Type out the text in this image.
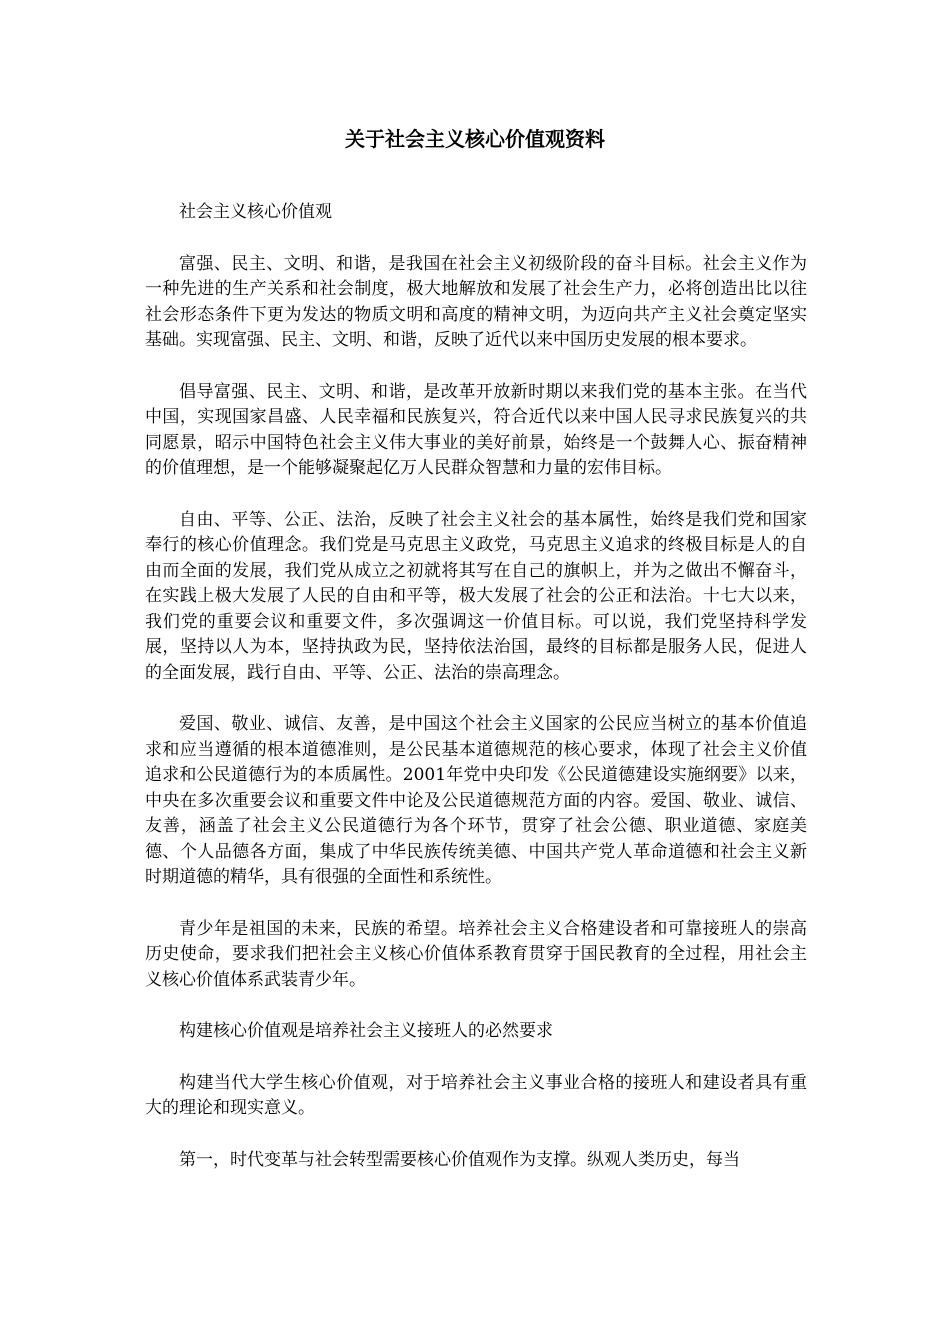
关于社会主义核心价值观资料

社会主义核心价值观

富强、民主、文明、和谐，是我国在社会主义初级阶段的奋斗目标。社会主义作为一种先进的生产关系和社会制度，极大地解放和发展了社会生产力，必将创造出比以往社会形态条件下更为发达的物质文明和高度的精神文明，为迈向共产主义社会奠定坚实基础。实现富强、民主、文明、和谐，反映了近代以来中国历史发展的根本要求。

倡导富强、民主、文明、和谐，是改革开放新时期以来我们党的基本主张。在当代中国，实现国家昌盛、人民幸福和民族复兴，符合近代以来中国人民寻求民族复兴的共同愿景，昭示中国特色社会主义伟大事业的美好前景，始终是一个鼓舞人心、振奋精神的价值理想，是一个能够凝聚起亿万人民群众智慧和力量的宏伟目标。

自由、平等、公正、法治，反映了社会主义社会的基本属性，始终是我们党和国家奉行的核心价值理念。我们党是马克思主义政党，马克思主义追求的终极目标是人的自由而全面的发展，我们党从成立之初就将其写在自己的旗帜上，并为之做出不懈奋斗，在实践上极大发展了人民的自由和平等，极大发展了社会的公正和法治。十七大以来，我们党的重要会议和重要文件，多次强调这一价值目标。可以说，我们党坚持科学发展，坚持以人为本，坚持执政为民，坚持依法治国，最终的目标都是服务人民，促进人的全面发展，践行自由、平等、公正、法治的崇高理念。

爱国、敬业、诚信、友善，是中国这个社会主义国家的公民应当树立的基本价值追求和应当遵循的根本道德准则，是公民基本道德规范的核心要求，体现了社会主义价值追求和公民道德行为的本质属性。2001年党中央印发《公民道德建设实施纲要》以来，中央在多次重要会议和重要文件中论及公民道德规范方面的内容。爱国、敬业、诚信、友善，涵盖了社会主义公民道德行为各个环节，贯穿了社会公德、职业道德、家庭美德、个人品德各方面，集成了中华民族传统美德、中国共产党人革命道德和社会主义新时期道德的精华，具有很强的全面性和系统性。

青少年是祖国的未来，民族的希望。培养社会主义合格建设者和可靠接班人的崇高历史使命，要求我们把社会主义核心价值体系教育贯穿于国民教育的全过程，用社会主义核心价值体系武装青少年。

构建核心价值观是培养社会主义接班人的必然要求

构建当代大学生核心价值观，对于培养社会主义事业合格的接班人和建设者具有重大的理论和现实意义。

第一，时代变革与社会转型需要核心价值观作为支撑。纵观人类历史，每当
